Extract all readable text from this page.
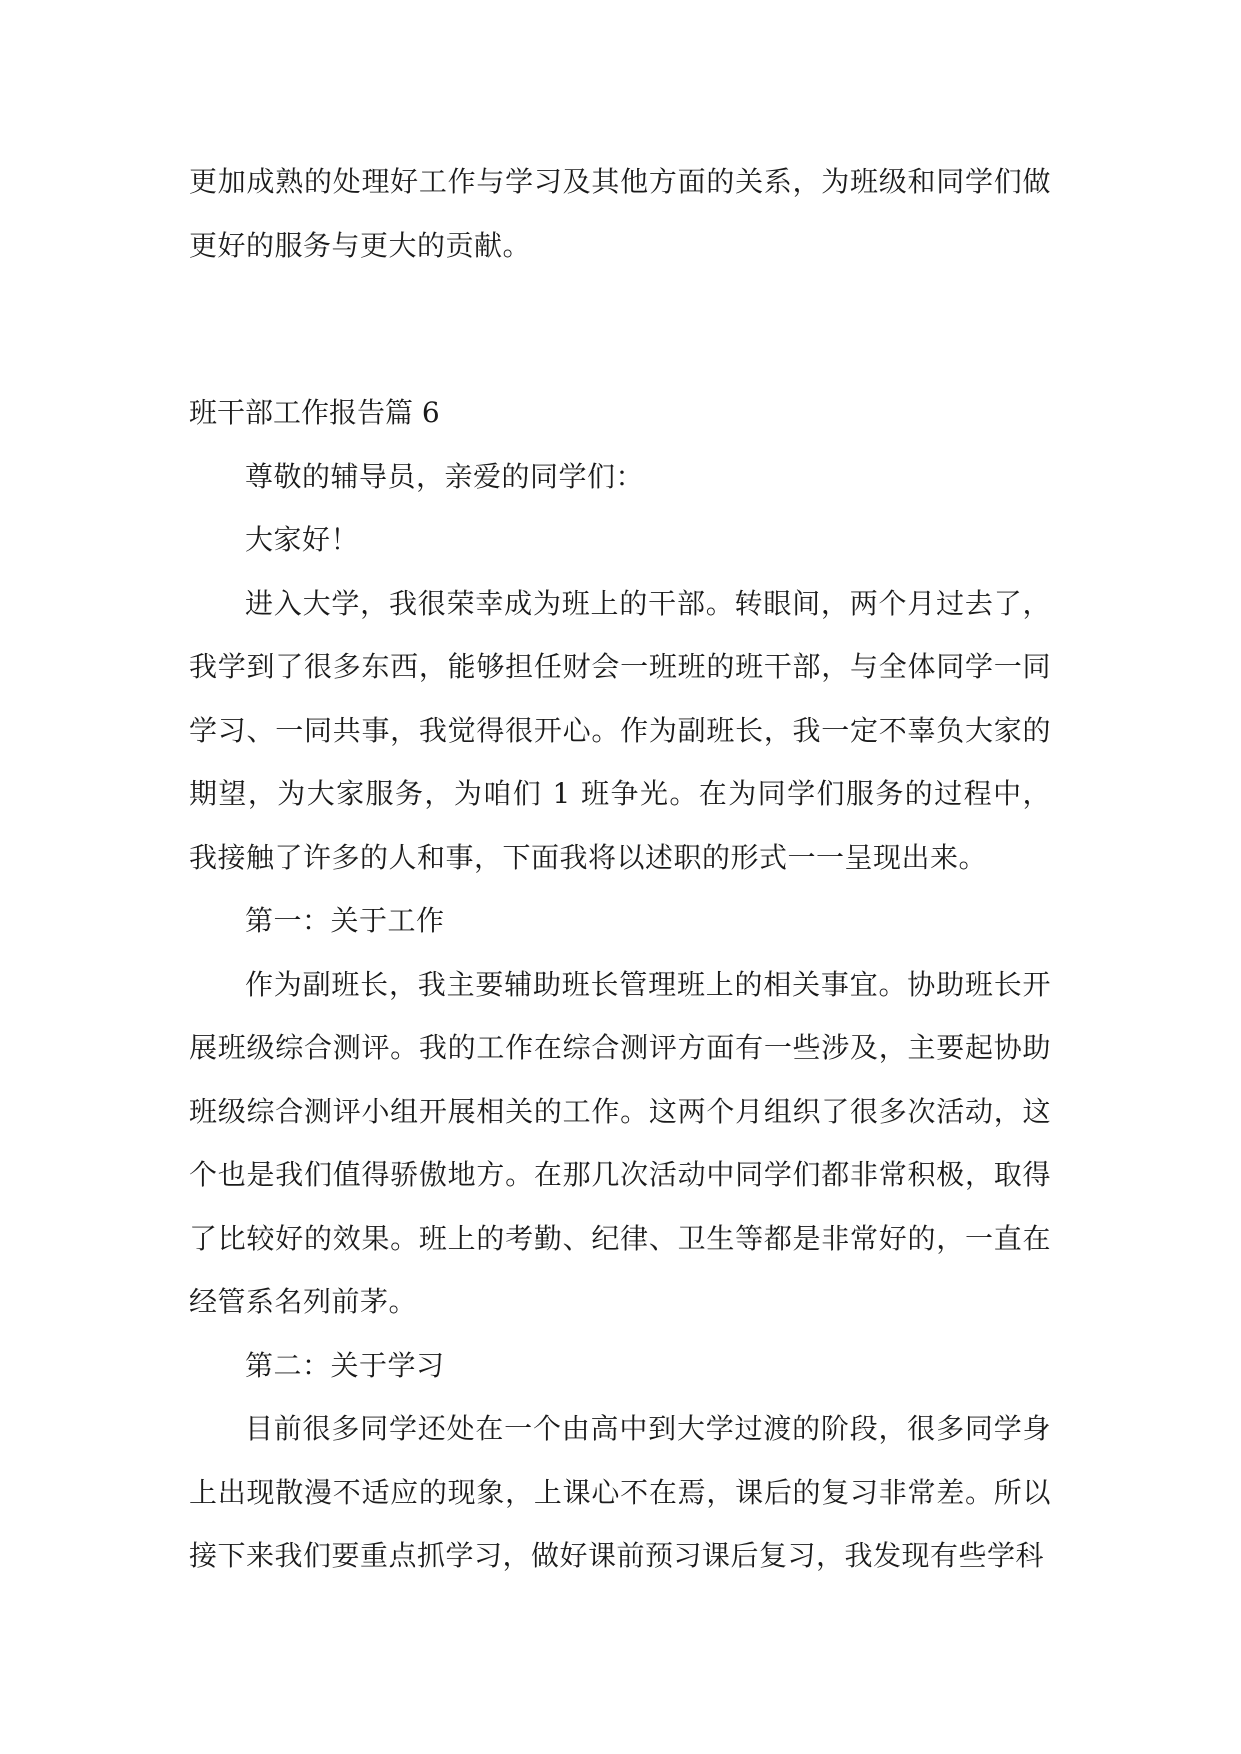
更加成熟的处理好工作与学习及其他方面的关系，为班级和同学们做更好的服务与更大的贡献。

班干部工作报告篇 6

尊敬的辅导员，亲爱的同学们：

大家好！

进入大学，我很荣幸成为班上的干部。转眼间，两个月过去了，我学到了很多东西，能够担任财会一班班的班干部，与全体同学一同学习、一同共事，我觉得很开心。作为副班长，我一定不辜负大家的期望，为大家服务，为咱们 1 班争光。在为同学们服务的过程中，我接触了许多的人和事，下面我将以述职的形式一一呈现出来。

第一：关于工作

作为副班长，我主要辅助班长管理班上的相关事宜。协助班长开展班级综合测评。我的工作在综合测评方面有一些涉及，主要起协助班级综合测评小组开展相关的工作。这两个月组织了很多次活动，这个也是我们值得骄傲地方。在那几次活动中同学们都非常积极，取得了比较好的效果。班上的考勤、纪律、卫生等都是非常好的，一直在经管系名列前茅。

第二：关于学习

目前很多同学还处在一个由高中到大学过渡的阶段，很多同学身上出现散漫不适应的现象，上课心不在焉，课后的复习非常差。所以接下来我们要重点抓学习，做好课前预习课后复习，我发现有些学科
